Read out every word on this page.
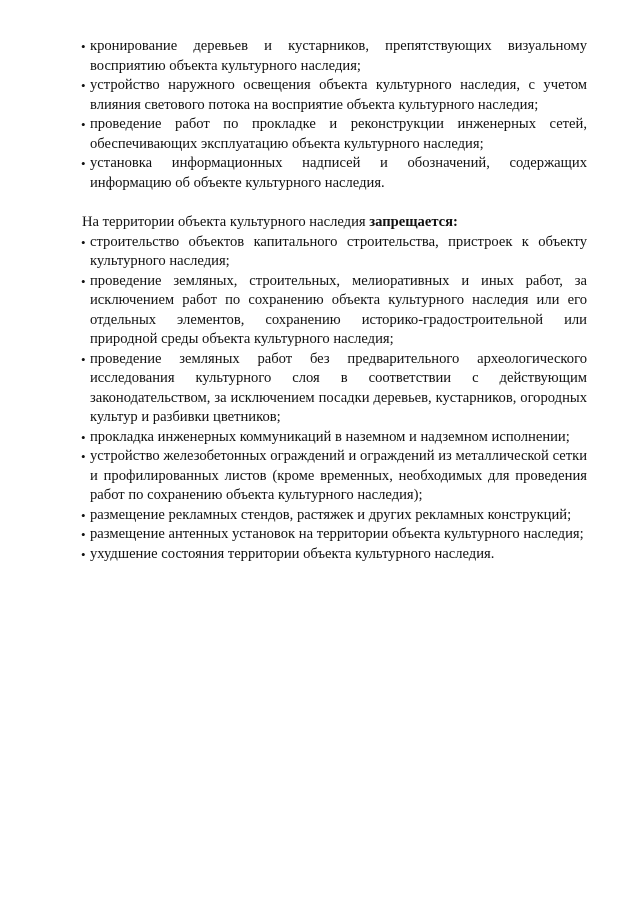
• кронирование деревьев и кустарников, препятствующих визуальному восприятию объекта культурного наследия;
• устройство наружного освещения объекта культурного наследия, с учетом влияния светового потока на восприятие объекта культурного наследия;
• проведение работ по прокладке и реконструкции инженерных сетей, обеспечивающих эксплуатацию объекта культурного наследия;
• установка информационных надписей и обозначений, содержащих информацию об объекте культурного наследия.

На территории объекта культурного наследия запрещается:

• строительство объектов капитального строительства, пристроек к объекту культурного наследия;
• проведение земляных, строительных, мелиоративных и иных работ, за исключением работ по сохранению объекта культурного наследия или его отдельных элементов, сохранению историко-градостроительной или природной среды объекта культурного наследия;
• проведение земляных работ без предварительного археологического исследования культурного слоя в соответствии с действующим законодательством, за исключением посадки деревьев, кустарников, огородных культур и разбивки цветников;
• прокладка инженерных коммуникаций в наземном и надземном исполнении;
• устройство железобетонных ограждений и ограждений из металлической сетки и профилированных листов (кроме временных, необходимых для проведения работ по сохранению объекта культурного наследия);
• размещение рекламных стендов, растяжек и других рекламных конструкций;
• размещение антенных установок на территории объекта культурного наследия;
• ухудшение состояния территории объекта культурного наследия.
